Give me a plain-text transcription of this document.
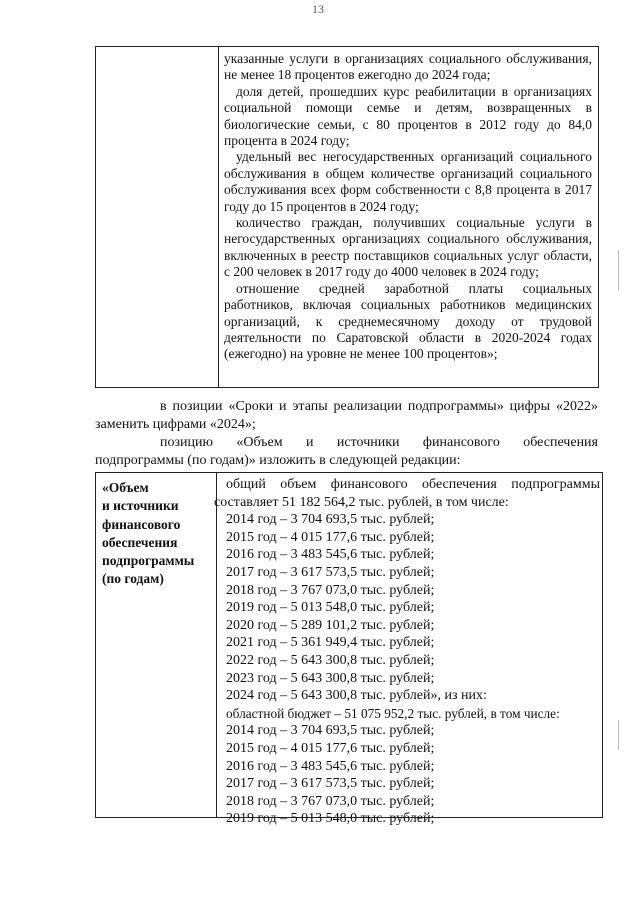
13
указанные услуги в организациях социального обслуживания, не менее 18 процентов ежегодно до 2024 года;
доля детей, прошедших курс реабилитации в организациях социальной помощи семье и детям, возвращенных в биологические семьи, с 80 процентов в 2012 году до 84,0 процента в 2024 году;
удельный вес негосударственных организаций социального обслуживания в общем количестве организаций социального обслуживания всех форм собственности с 8,8 процента в 2017 году до 15 процентов в 2024 году;
количество граждан, получивших социальные услуги в негосударственных организациях социального обслуживания, включенных в реестр поставщиков социальных услуг области, с 200 человек в 2017 году до 4000 человек в 2024 году;
отношение средней заработной платы социальных работников, включая социальных работников медицинских организаций, к среднемесячному доходу от трудовой деятельности по Саратовской области в 2020-2024 годах (ежегодно) на уровне не менее 100 процентов»;
в позиции «Сроки и этапы реализации подпрограммы» цифры «2022»
заменить цифрами «2024»;
позицию «Объем и источники финансового обеспечения
подпрограммы (по годам)» изложить в следующей редакции:
«Объем
и источники
финансового
обеспечения
подпрограммы
(по годам)
общий объем финансового обеспечения подпрограммы
составляет 51 182 564,2 тыс. рублей, в том числе:
2014 год – 3 704 693,5 тыс. рублей;
2015 год – 4 015 177,6 тыс. рублей;
2016 год – 3 483 545,6 тыс. рублей;
2017 год – 3 617 573,5 тыс. рублей;
2018 год – 3 767 073,0 тыс. рублей;
2019 год – 5 013 548,0 тыс. рублей;
2020 год – 5 289 101,2 тыс. рублей;
2021 год – 5 361 949,4 тыс. рублей;
2022 год – 5 643 300,8 тыс. рублей;
2023 год – 5 643 300,8 тыс. рублей;
2024 год – 5 643 300,8 тыс. рублей», из них:
областной бюджет – 51 075 952,2 тыс. рублей, в том числе:
2014 год – 3 704 693,5 тыс. рублей;
2015 год – 4 015 177,6 тыс. рублей;
2016 год – 3 483 545,6 тыс. рублей;
2017 год – 3 617 573,5 тыс. рублей;
2018 год – 3 767 073,0 тыс. рублей;
2019 год – 5 013 548,0 тыс. рублей;
